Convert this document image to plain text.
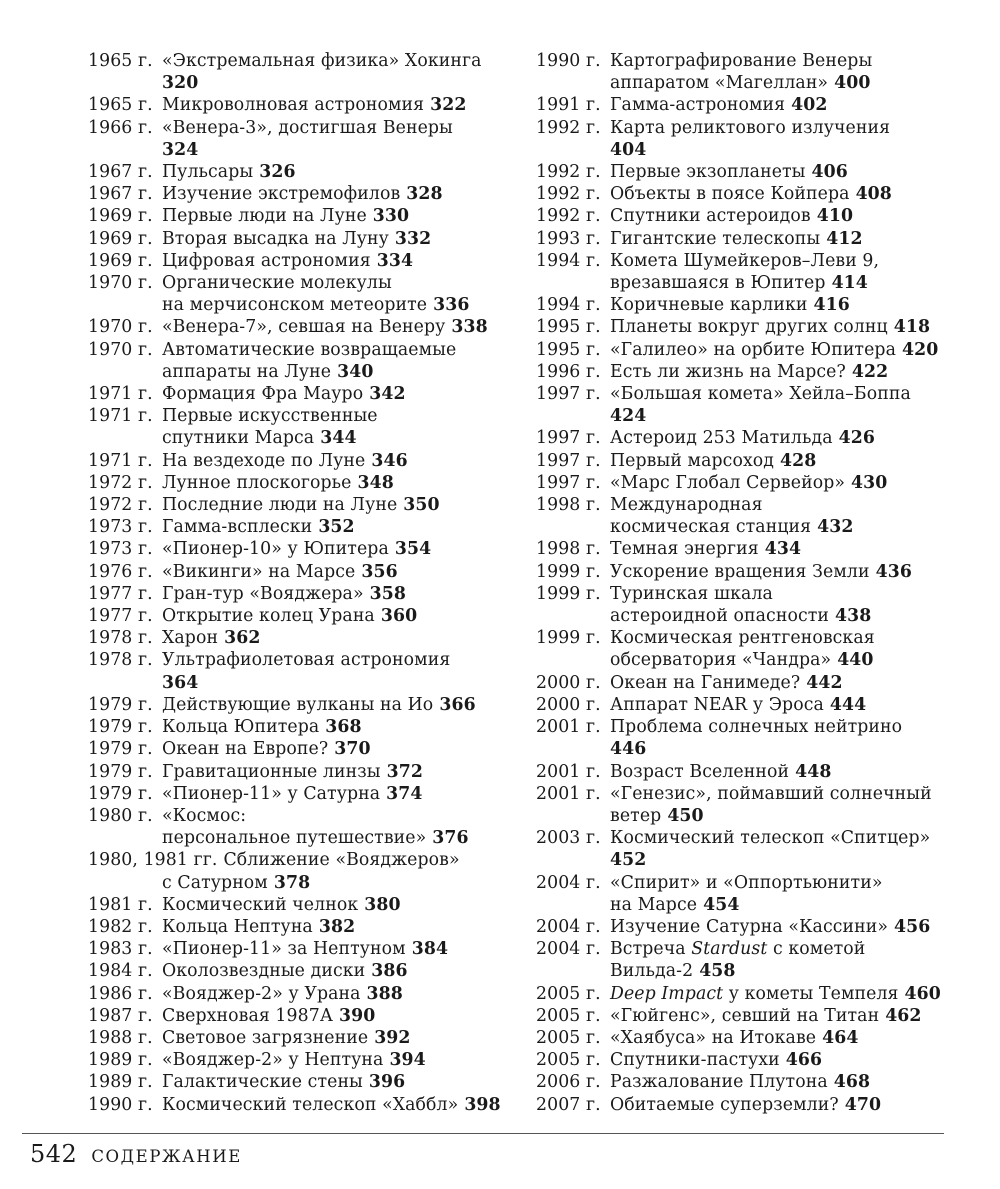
1965 г. «Экстремальная физика» Хокинга
320
1965 г. Микроволновая астрономия 322
1966 г. «Венера-3», достигшая Венеры
324
1967 г. Пульсары 326
1967 г. Изучение экстремофилов 328
1969 г. Первые люди на Луне 330
1969 г. Вторая высадка на Луну 332
1969 г. Цифровая астрономия 334
1970 г. Органические молекулы
на мерчисонском метеорите 336
1970 г. «Венера-7», севшая на Венеру 338
1970 г. Автоматические возвращаемые
аппараты на Луне 340
1971 г. Формация Фра Мауро 342
1971 г. Первые искусственные
спутники Марса 344
1971 г. На вездеходе по Луне 346
1972 г. Лунное плоскогорье 348
1972 г. Последние люди на Луне 350
1973 г. Гамма-всплески 352
1973 г. «Пионер-10» у Юпитера 354
1976 г. «Викинги» на Марсе 356
1977 г. Гран-тур «Вояджера» 358
1977 г. Открытие колец Урана 360
1978 г. Харон 362
1978 г. Ультрафиолетовая астрономия
364
1979 г. Действующие вулканы на Ио 366
1979 г. Кольца Юпитера 368
1979 г. Океан на Европе? 370
1979 г. Гравитационные линзы 372
1979 г. «Пионер-11» у Сатурна 374
1980 г. «Космос:
персональное путешествие» 376
1980, 1981 гг. Сближение «Вояджеров»
с Сатурном 378
1981 г. Космический челнок 380
1982 г. Кольца Нептуна 382
1983 г. «Пионер-11» за Нептуном 384
1984 г. Околозвездные диски 386
1986 г. «Вояджер-2» у Урана 388
1987 г. Сверхновая 1987А 390
1988 г. Световое загрязнение 392
1989 г. «Вояджер-2» у Нептуна 394
1989 г. Галактические стены 396
1990 г. Космический телескоп «Хаббл» 398
1990 г. Картографирование Венеры
аппаратом «Магеллан» 400
1991 г. Гамма-астрономия 402
1992 г. Карта реликтового излучения
404
1992 г. Первые экзопланеты 406
1992 г. Объекты в поясе Койпера 408
1992 г. Спутники астероидов 410
1993 г. Гигантские телескопы 412
1994 г. Комета Шумейкеров–Леви 9,
врезавшаяся в Юпитер 414
1994 г. Коричневые карлики 416
1995 г. Планеты вокруг других солнц 418
1995 г. «Галилео» на орбите Юпитера 420
1996 г. Есть ли жизнь на Марсе? 422
1997 г. «Большая комета» Хейла–Боппа
424
1997 г. Астероид 253 Матильда 426
1997 г. Первый марсоход 428
1997 г. «Марс Глобал Сервейор» 430
1998 г. Международная
космическая станция 432
1998 г. Темная энергия 434
1999 г. Ускорение вращения Земли 436
1999 г. Туринская шкала
астероидной опасности 438
1999 г. Космическая рентгеновская
обсерватория «Чандра» 440
2000 г. Океан на Ганимеде? 442
2000 г. Аппарат NEAR у Эроса 444
2001 г. Проблема солнечных нейтрино
446
2001 г. Возраст Вселенной 448
2001 г. «Генезис», поймавший солнечный
ветер 450
2003 г. Космический телескоп «Спитцер»
452
2004 г. «Спирит» и «Оппортьюнити»
на Марсе 454
2004 г. Изучение Сатурна «Кассини» 456
2004 г. Встреча Stardust с кометой
Вильда-2 458
2005 г. Deep Impact у кометы Темпеля 460
2005 г. «Гюйгенс», севший на Титан 462
2005 г. «Хаябуса» на Итокаве 464
2005 г. Спутники-пастухи 466
2006 г. Разжалование Плутона 468
2007 г. Обитаемые суперземли? 470
542 СОДЕРЖАНИЕ
